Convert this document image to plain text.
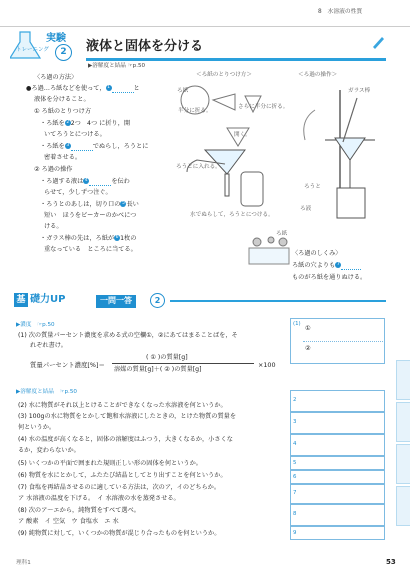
8　 水溶液の性質
実験
トレーニング	2	液体と固体を分ける
▶溶解度と結晶 ☞p.50
〈ろ過の方法〉
●ろ過…ろ紙などを使って， 1	と
液体を分けること。
① ろ紙のとりつけ方
・ろ紙を 2 2つ　4つ に折り，開
いてろうとにつける。
・ろ紙を 3	でぬらし，ろうとに
密着させる。
② ろ過の操作
・ろ過する液は 4	を伝わ
らせて，少しずつ注ぐ。
・ろうとのあしは，切り口の 5 長い
短い　 ほうをビーカーのかべにつ
ける。
・ガラス棒の先は，ろ紙が 6 1枚の
重なっている　 ところに当てる。
＜ろ紙のとりつけ方＞	＜ろ過の操作＞
ろ紙
半分に折る。
さらに半分に折る。
開く。
ろうとに入れる。
水でぬらして，ろうとにつける。
ガラス棒
ろうと
ろ液
ろ紙
〈ろ過のしくみ〉
ろ紙の穴よりも 7
ものがろ紙を通りぬける。
基 礎力UP	一問一答	2
▶濃度　 ☞p.50
(1) 次の質量パーセント濃度を求める式の空欄①，②にあてはまることばを，そ
れぞれ書け。
質量パーセント濃度[%]＝
( ① )の質量[g]
溶媒の質量[g]＋( ② )の質量[g]
×100
(1)
①
②
▶溶解度と結晶　 ☞p.50
(2) 水に物質がそれ以上とけることができなくなった水溶液を何というか。
(3) 100gの水に物質をとかして飽和水溶液にしたときの，とけた物質の質量を
何というか。
(4) 水の温度が高くなると，固体の溶解度はふつう，大きくなるか，小さくな
るか，変わらないか。
(5) いくつかの平面で囲まれた規則正しい形の固体を何というか。
(6) 物質を水にとかして，ふたたび結晶としてとり出すことを何というか。
(7) 食塩を再結晶させるのに適している方法は，次のア，イのどちらか。
ア 水溶液の温度を下げる。　イ 水溶液の水を蒸発させる。
(8) 次のア〜エから，純物質をすべて選べ。
ア 酸素　イ 空気　ウ 食塩水　エ 水
(9) 純物質に対して，いくつかの物質が混じり合ったものを何というか。
2
3
4
5
6
7
8
9
理科1	53
